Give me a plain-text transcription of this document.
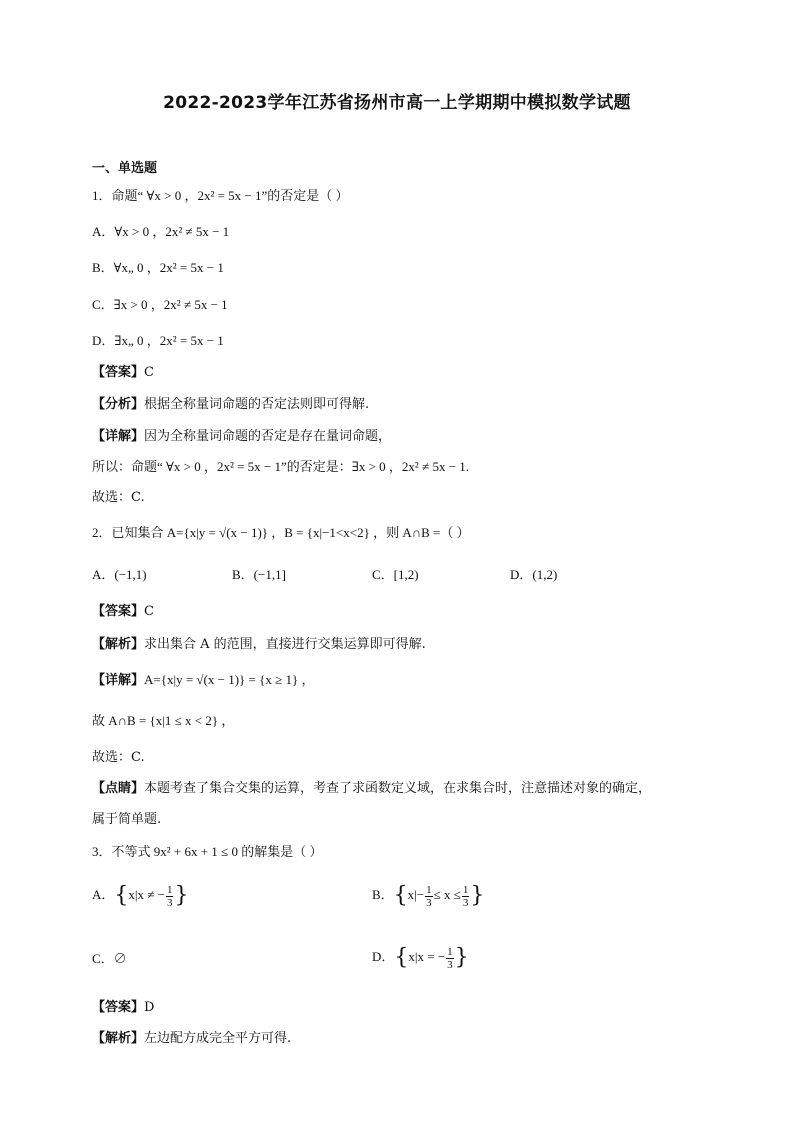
2022-2023学年江苏省扬州市高一上学期期中模拟数学试题
一、单选题
1．命题“ ∀x > 0 ，2x² = 5x − 1”的否定是（ ）
A．∀x > 0 ，2x² ≠ 5x − 1
B．∀x„ 0 ，2x² = 5x − 1
C．∃x > 0 ，2x² ≠ 5x − 1
D．∃x„ 0 ，2x² = 5x − 1
【答案】C
【分析】根据全称量词命题的否定法则即可得解.
【详解】因为全称量词命题的否定是存在量词命题，
所以：命题“ ∀x > 0 ，2x² = 5x − 1”的否定是：∃x > 0 ，2x² ≠ 5x − 1.
故选：C.
2．已知集合 A={x|y = √(x − 1)} ，B = {x|−1<x<2} ，则 A∩B =（ ）
A．(−1,1)	B．(−1,1]	C．[1,2)	D．(1,2)
【答案】C
【解析】求出集合 A 的范围，直接进行交集运算即可得解.
【详解】A={x|y = √(x − 1)} = {x ≥ 1} ，
故 A∩B = {x|1 ≤ x < 2} ，
故选：C.
【点睛】本题考查了集合交集的运算，考查了求函数定义域，在求集合时，注意描述对象的确定，
属于简单题.
3．不等式 9x² + 6x + 1 ≤ 0 的解集是（ ）
A．{x|x ≠ − $\frac{1}{3}$ }	B．{$x|- \frac{1}{3} \le x \le \frac{1}{3}$ }
C．∅	D．{x|x = − $\frac{1}{3}$ }
【答案】D
【解析】左边配方成完全平方可得.
